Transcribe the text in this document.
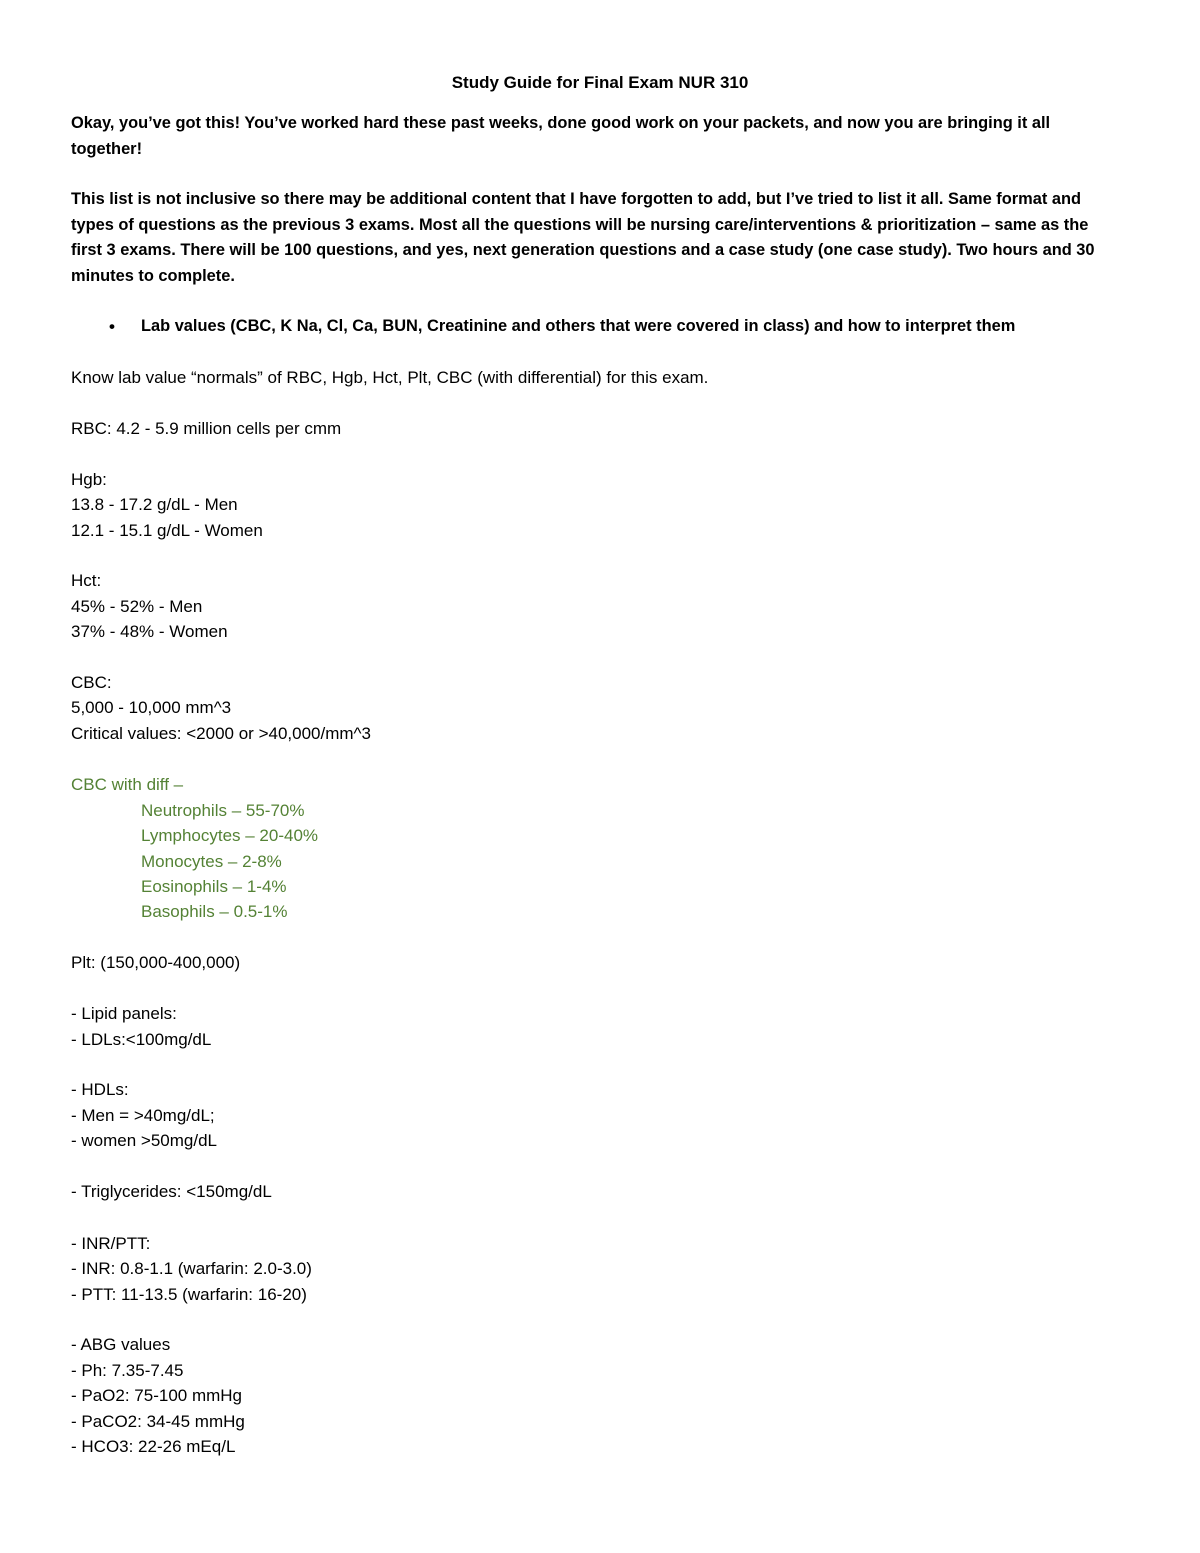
Study Guide for Final Exam NUR 310
Okay, you’ve got this! You’ve worked hard these past weeks, done good work on your packets, and now you are bringing it all together!
This list is not inclusive so there may be additional content that I have forgotten to add, but I’ve tried to list it all. Same format and types of questions as the previous 3 exams. Most all the questions will be nursing care/interventions & prioritization – same as the first 3 exams. There will be 100 questions, and yes, next generation questions and a case study (one case study). Two hours and 30 minutes to complete.
• Lab values (CBC, K Na, Cl, Ca, BUN, Creatinine and others that were covered in class) and how to interpret them
Know lab value “normals” of RBC, Hgb, Hct, Plt, CBC (with differential) for this exam.
RBC: 4.2 - 5.9 million cells per cmm
Hgb:
13.8 - 17.2 g/dL - Men
12.1 - 15.1 g/dL - Women
Hct:
45% - 52% - Men
37% - 48% - Women
CBC:
5,000 - 10,000 mm^3
Critical values: <2000 or >40,000/mm^3
CBC with diff –
Neutrophils – 55-70%
Lymphocytes – 20-40%
Monocytes – 2-8%
Eosinophils – 1-4%
Basophils – 0.5-1%
Plt: (150,000-400,000)
- Lipid panels:
- LDLs:<100mg/dL
- HDLs:
- Men = >40mg/dL;
- women >50mg/dL
- Triglycerides: <150mg/dL
- INR/PTT:
- INR: 0.8-1.1 (warfarin: 2.0-3.0)
- PTT: 11-13.5 (warfarin: 16-20)
- ABG values
- Ph: 7.35-7.45
- PaO2: 75-100 mmHg
- PaCO2: 34-45 mmHg
- HCO3: 22-26 mEq/L
